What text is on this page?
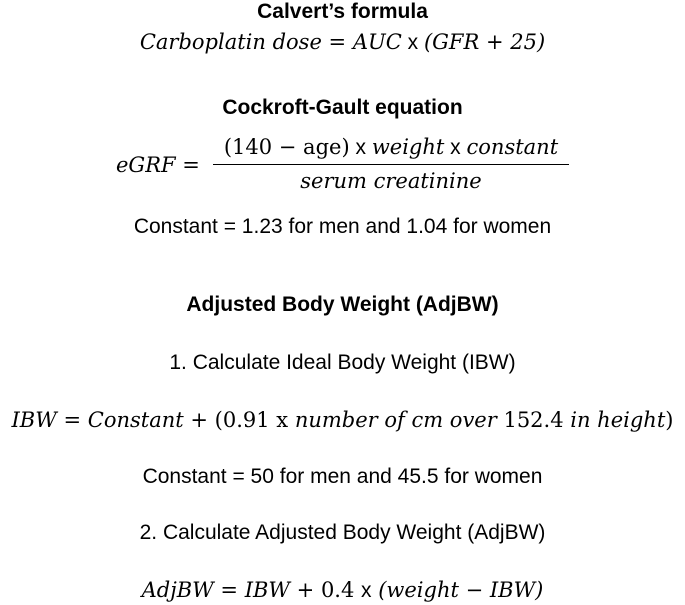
Calvert’s formula
Carboplatin dose = AUC x (GFR + 25)
Cockroft-Gault equation
eGRF =
(140 − age) x weight x constant
serum creatinine
Constant = 1.23 for men and 1.04 for women
Adjusted Body Weight (AdjBW)
1. Calculate Ideal Body Weight (IBW)
IBW = Constant + (0.91 x number of cm over 152.4 in height)
Constant = 50 for men and 45.5 for women
2. Calculate Adjusted Body Weight (AdjBW)
AdjBW = IBW + 0.4 x (weight − IBW)
